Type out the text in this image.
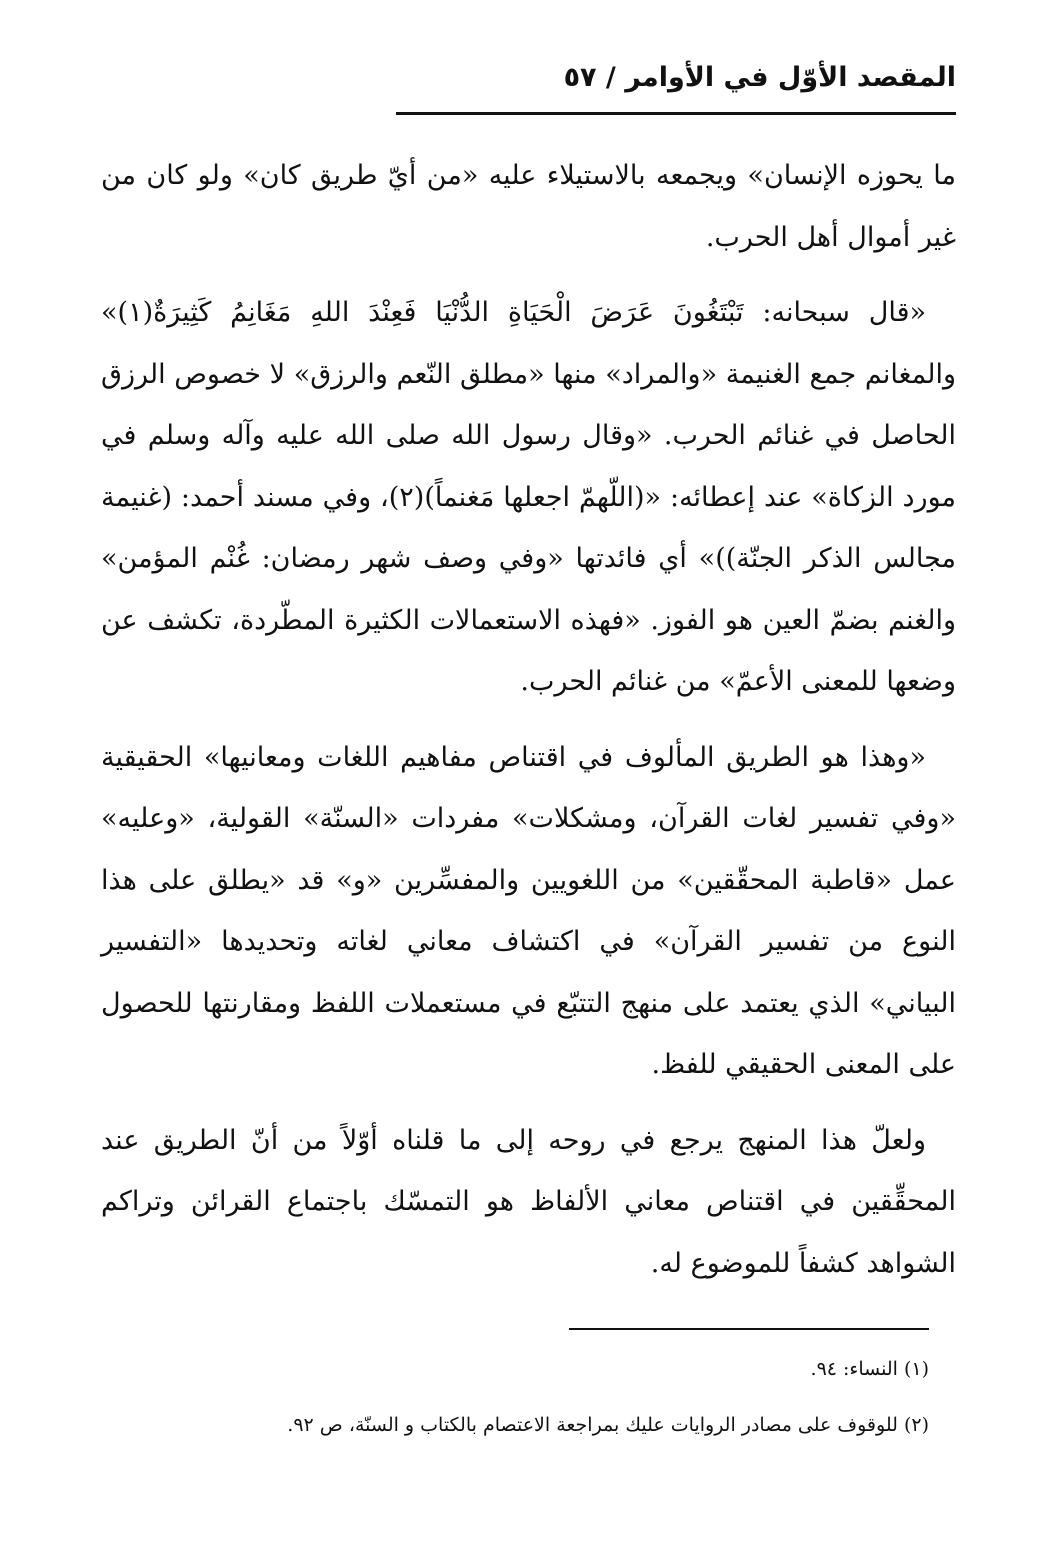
المقصد الأوّل في الأوامر / ٥٧

ما يحوزه الإنسان» ويجمعه بالاستيلاء عليه «من أيّ طريق كان» ولو كان من غير أموال أهل الحرب.

«قال سبحانه: تَبْتَغُونَ عَرَضَ الْحَيَاةِ الدُّنْيَا فَعِنْدَ اللهِ مَغَانِمُ كَثِيرَةٌ(١)» والمغانم جمع الغنيمة «والمراد» منها «مطلق النّعم والرزق» لا خصوص الرزق الحاصل في غنائم الحرب. «وقال رسول الله صلى الله عليه وآله وسلم في مورد الزكاة» عند إعطائه: «(اللّهمّ اجعلها مَغنماً)(٢)، وفي مسند أحمد: (غنيمة مجالس الذكر الجنّة))» أي فائدتها «وفي وصف شهر رمضان: غُنْم المؤمن» والغنم بضمّ العين هو الفوز. «فهذه الاستعمالات الكثيرة المطّردة، تكشف عن وضعها للمعنى الأعمّ» من غنائم الحرب.

«وهذا هو الطريق المألوف في اقتناص مفاهيم اللغات ومعانيها» الحقيقية «وفي تفسير لغات القرآن، ومشكلات» مفردات «السنّة» القولية، «وعليه» عمل «قاطبة المحقّقين» من اللغويين والمفسِّرين «و» قد «يطلق على هذا النوع من تفسير القرآن» في اكتشاف معاني لغاته وتحديدها «التفسير البياني» الذي يعتمد على منهج التتبّع في مستعملات اللفظ ومقارنتها للحصول على المعنى الحقيقي للفظ.

ولعلّ هذا المنهج يرجع في روحه إلى ما قلناه أوّلاً من أنّ الطريق عند المحقِّقين في اقتناص معاني الألفاظ هو التمسّك باجتماع القرائن وتراكم الشواهد كشفاً للموضوع له.

(١) النساء: ٩٤.

(٢) للوقوف على مصادر الروايات عليك بمراجعة الاعتصام بالكتاب و السنّة، ص ٩٢.
